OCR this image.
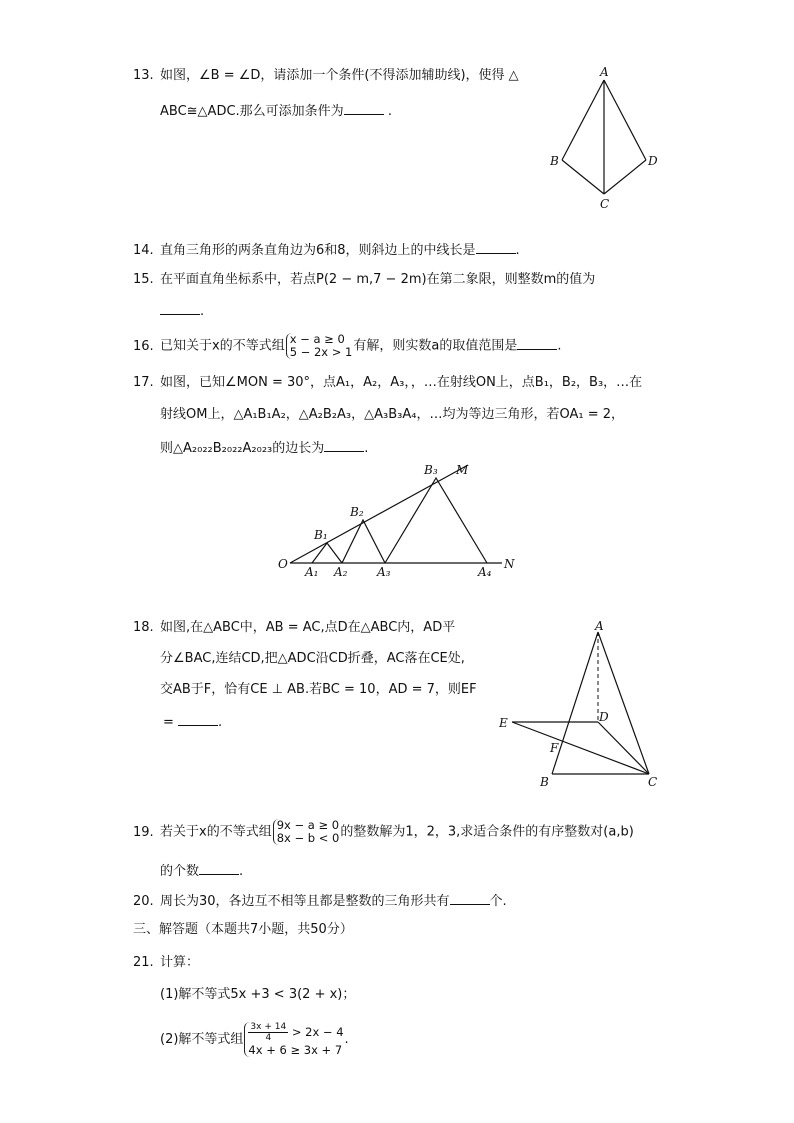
13. 如图，∠B = ∠D，请添加一个条件(不得添加辅助线)，使得 △
ABC≅△ADC.那么可添加条件为	.
A
B	D
C
14. 直角三角形的两条直角边为6和8，则斜边上的中线长是	.
15. 在平面直角坐标系中，若点P(2 − m,7 − 2m)在第二象限，则整数m的值为
.
16. 已知关于x的不等式组 x − a ≥ 0
5 − 2x > 1有解，则实数a的取值范围是	.
17. 如图，已知∠MON = 30°，点A₁，A₂，A₃，，…在射线ON上，点B₁，B₂，B₃，…在
射线OM上，△A₁B₁A₂，△A₂B₂A₃，△A₃B₃A₄，…均为等边三角形，若OA₁ = 2，
则△A₂₀₂₂B₂₀₂₂A₂₀₂₃的边长为	.
O
M
N
A₁ A₂ A₃	A₄
B₁
B₂
B₃
18. 如图,在△ABC中，AB = AC,点D在△ABC内，AD平
分∠BAC,连结CD,把△ADC沿CD折叠，AC落在CE处,
交AB于F，恰有CE ⊥ AB.若BC = 10，AD = 7，则EF
=	.
A
D
E
F
B	C
19. 若关于x的不等式组 9x − a ≥ 0
8x − b < 0的整数解为1，2，3,求适合条件的有序整数对(a,b)
的个数	.
20. 周长为30，各边互不相等且都是整数的三角形共有	个.
三、解答题（本题共7小题，共50分）
21. 计算：
(1)解不等式5x +3 < 3(2 + x)；
(2)解不等式组 $\frac{3x + 14}{4} > 2x - 4$
4x + 6 ≥ 3x + 7.
